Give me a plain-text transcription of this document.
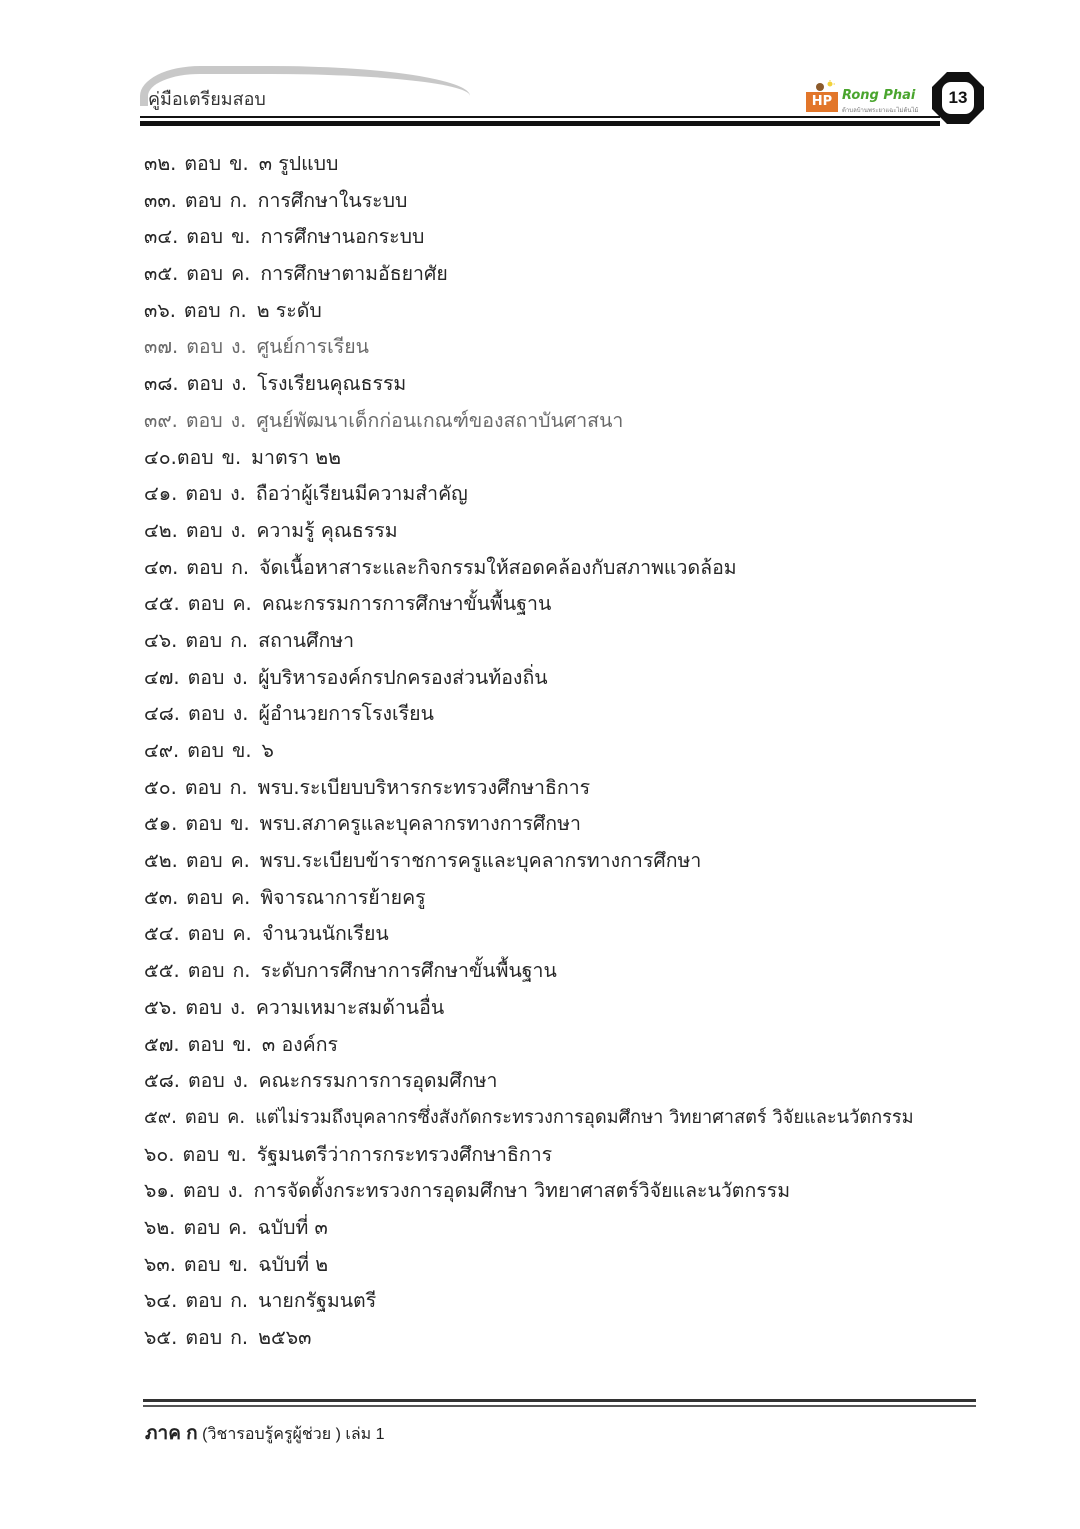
คู่มือเตรียมสอบ	HP Rong Phai
ต้าบลบ้านพระยาแฉะไม่ต้นไม้
13
๓๒. ตอบ ข. ๓ รูปแบบ
๓๓. ตอบ ก. การศึกษาในระบบ
๓๔. ตอบ ข. การศึกษานอกระบบ
๓๕. ตอบ ค. การศึกษาตามอัธยาศัย
๓๖. ตอบ ก. ๒ ระดับ
๓๗. ตอบ ง. ศูนย์การเรียน
๓๘. ตอบ ง. โรงเรียนคุณธรรม
๓๙. ตอบ ง. ศูนย์พัฒนาเด็กก่อนเกณฑ์ของสถาบันศาสนา
๔๐.ตอบ ข. มาตรา ๒๒
๔๑. ตอบ ง. ถือว่าผู้เรียนมีความสำคัญ
๔๒. ตอบ ง. ความรู้ คุณธรรม
๔๓. ตอบ ก. จัดเนื้อหาสาระและกิจกรรมให้สอดคล้องกับสภาพแวดล้อม
๔๕. ตอบ ค. คณะกรรมการการศึกษาขั้นพื้นฐาน
๔๖. ตอบ ก. สถานศึกษา
๔๗. ตอบ ง. ผู้บริหารองค์กรปกครองส่วนท้องถิ่น
๔๘. ตอบ ง. ผู้อำนวยการโรงเรียน
๔๙. ตอบ ข. ๖
๕๐. ตอบ ก. พรบ.ระเบียบบริหารกระทรวงศึกษาธิการ
๕๑. ตอบ ข. พรบ.สภาครูและบุคลากรทางการศึกษา
๕๒. ตอบ ค. พรบ.ระเบียบข้าราชการครูและบุคลากรทางการศึกษา
๕๓. ตอบ ค. พิจารณาการย้ายครู
๕๔. ตอบ ค. จำนวนนักเรียน
๕๕. ตอบ ก. ระดับการศึกษาการศึกษาขั้นพื้นฐาน
๕๖. ตอบ ง. ความเหมาะสมด้านอื่น
๕๗. ตอบ ข. ๓ องค์กร
๕๘. ตอบ ง. คณะกรรมการการอุดมศึกษา
๕๙. ตอบ ค. แต่ไม่รวมถึงบุคลากรซึ่งสังกัดกระทรวงการอุดมศึกษา วิทยาศาสตร์ วิจัยและนวัตกรรม
๖๐. ตอบ ข. รัฐมนตรีว่าการกระทรวงศึกษาธิการ
๖๑. ตอบ ง. การจัดตั้งกระทรวงการอุดมศึกษา วิทยาศาสตร์วิจัยและนวัตกรรม
๖๒. ตอบ ค. ฉบับที่ ๓
๖๓. ตอบ ข. ฉบับที่ ๒
๖๔. ตอบ ก. นายกรัฐมนตรี
๖๕. ตอบ ก. ๒๕๖๓
ภาค ก (วิชารอบรู้ครูผู้ช่วย ) เล่ม 1
